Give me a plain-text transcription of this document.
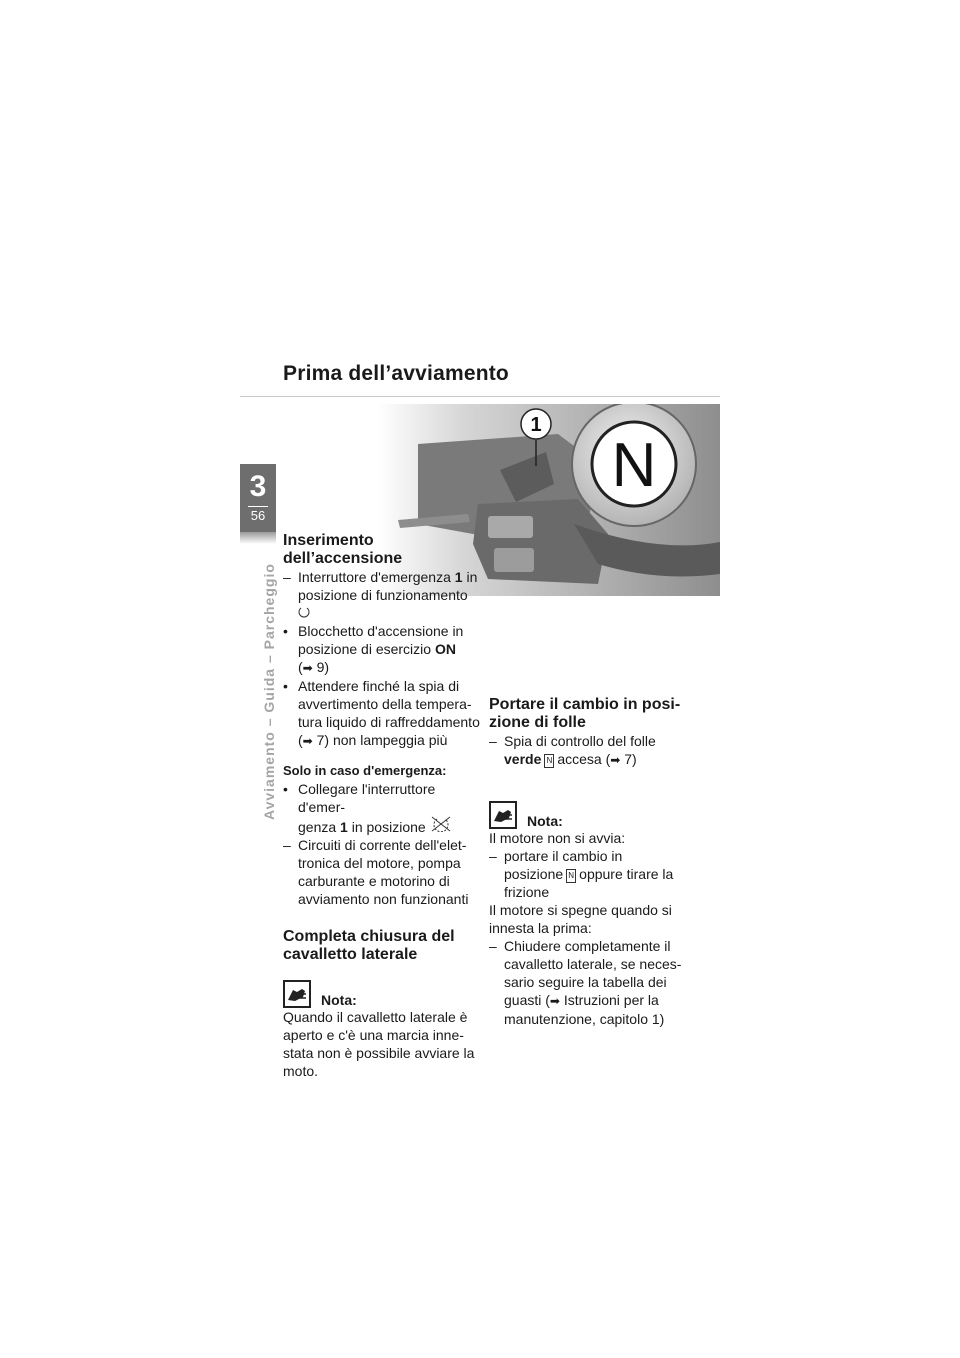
Prima dell’avviamento
3
56
Avviamento – Guida – Parcheggio
1
N
Inserimento
dell’accensione
– Interruttore d'emergenza 1 in
posizione di funzionamento
• Blocchetto d'accensione in
posizione di esercizio ON (➡ 9)
• Attendere finché la spia di
avvertimento della tempera-
tura liquido di raffreddamento
(➡ 7) non lampeggia più
Solo in caso d'emergenza:
• Collegare l'interruttore d'emer-
genza 1 in posizione
– Circuiti di corrente dell'elet-
tronica del motore, pompa
carburante e motorino di
avviamento non funzionanti
Completa chiusura del
cavalletto laterale
Nota:

Quando il cavalletto laterale è
aperto e c'è una marcia inne-
stata non è possibile avviare la
moto.

Portare il cambio in posi-
zione di folle
– Spia di controllo del folle
verde N accesa (➡ 7)
Nota:

Il motore non si avvia:

– portare il cambio in
posizione N oppure tirare la
frizione

Il motore si spegne quando si
innesta la prima:

– Chiudere completamente il
cavalletto laterale, se neces-
sario seguire la tabella dei
guasti (➡ Istruzioni per la
manutenzione, capitolo 1)
